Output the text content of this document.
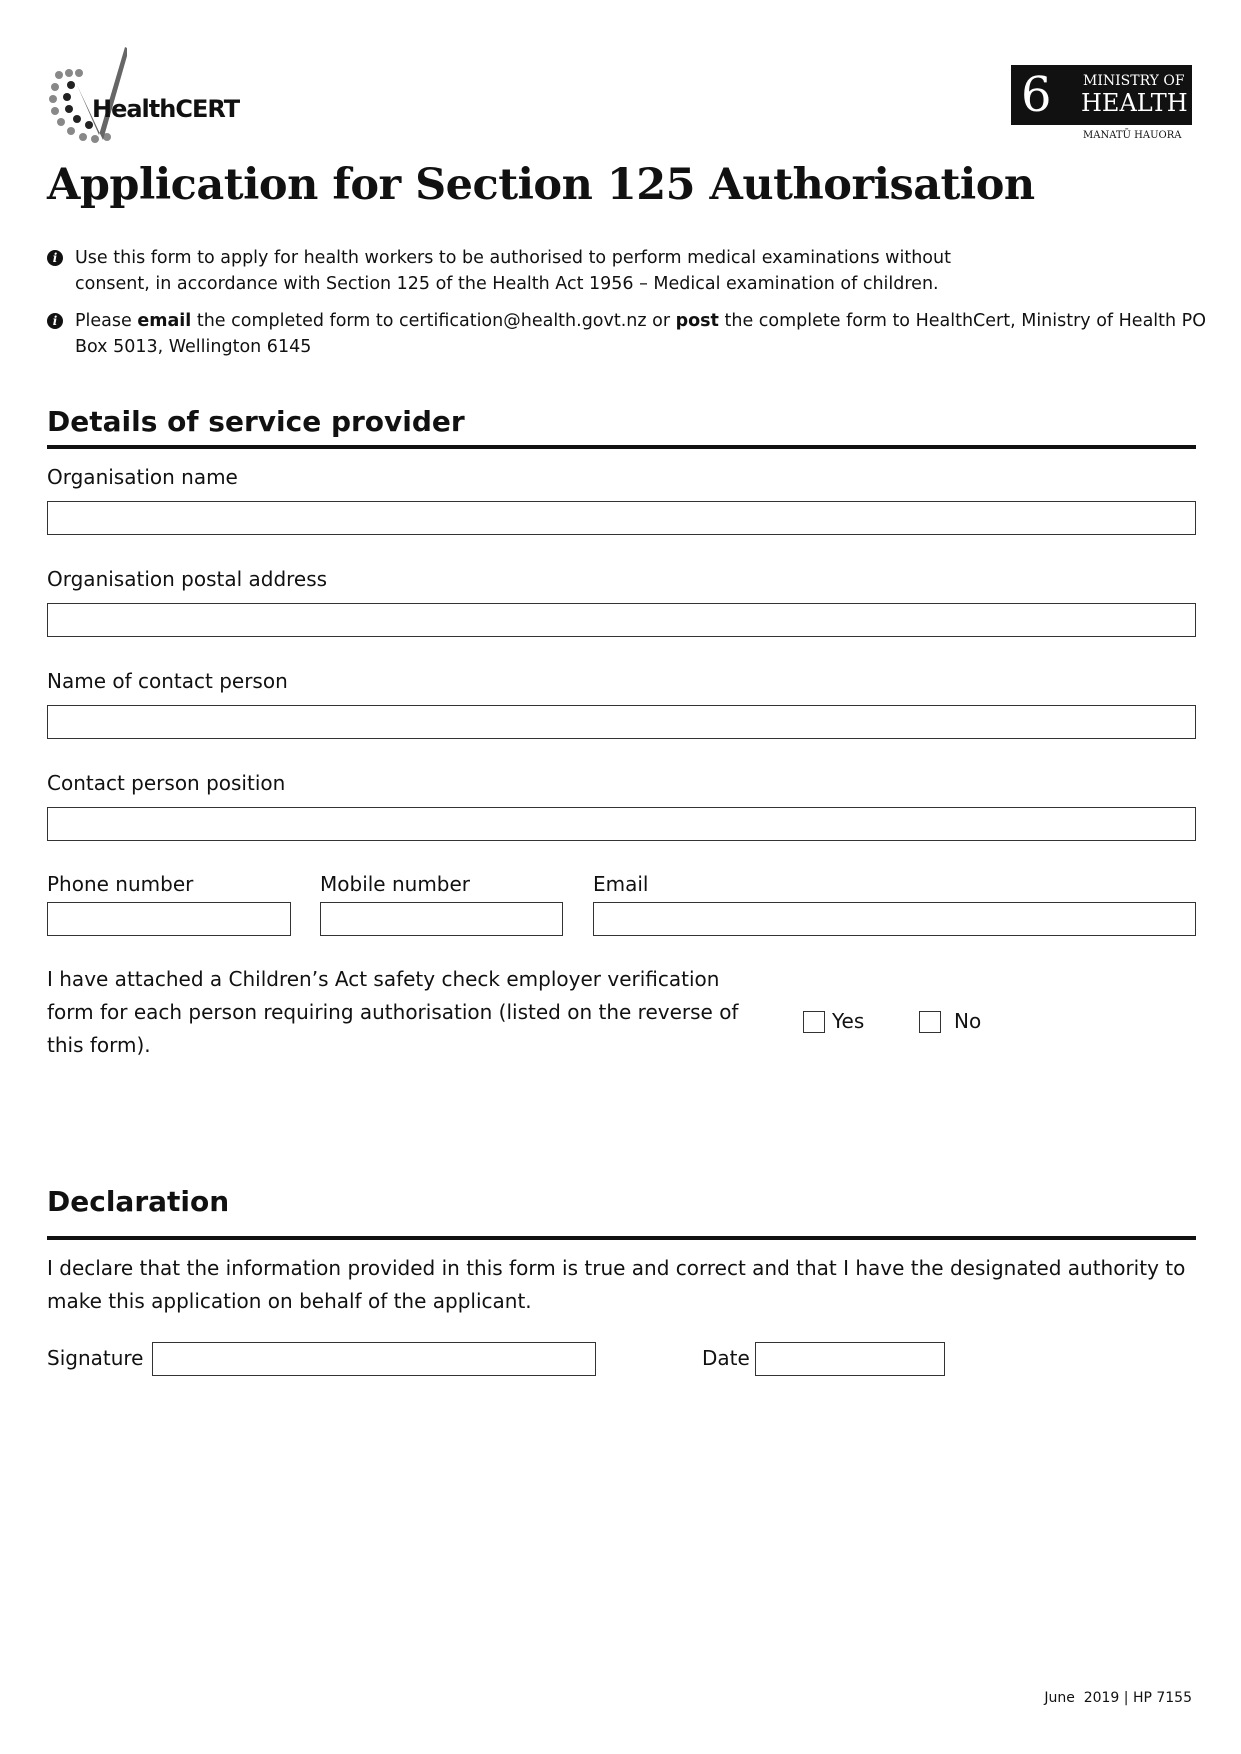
HealthCERT	6 MINISTRY OF
HEALTH
MANATŪ HAUORA
Application for Section 125 Authorisation
i	Use this form to apply for health workers to be authorised to perform medical examinations without consent, in accordance with Section 125 of the Health Act 1956 – Medical examination of children.
i	Please email the completed form to certification@health.govt.nz or post the complete form to HealthCert, Ministry of Health PO Box 5013, Wellington 6145
Details of service provider
Organisation name
Organisation postal address
Name of contact person
Contact person position
Phone number	Mobile number	Email
I have attached a Children’s Act safety check employer verification form for each person requiring authorisation (listed on the reverse of this form).
Yes	No
Declaration
I declare that the information provided in this form is true and correct and that I have the designated authority to make this application on behalf of the applicant.
Signature	Date
June  2019 | HP 7155
